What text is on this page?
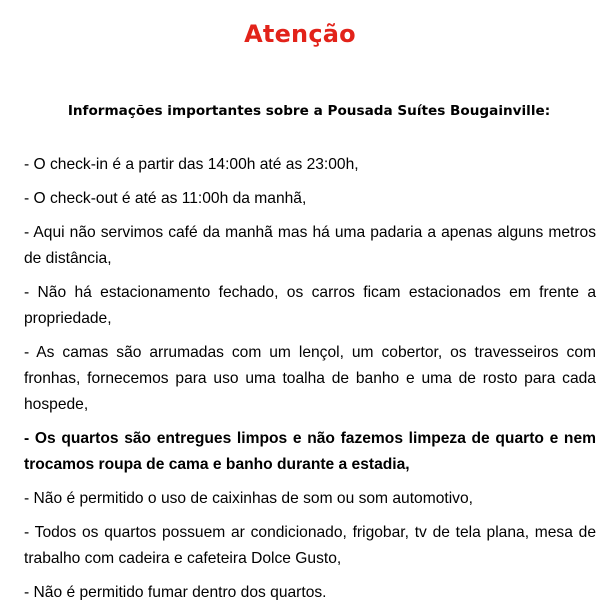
Atenção
Informações importantes sobre a Pousada Suítes Bougainville:

- O check-in é a partir das 14:00h até as 23:00h,

- O check-out é até as 11:00h da manhã,

- Aqui não servimos café da manhã mas há uma padaria a apenas alguns metros de distância,

- Não há estacionamento fechado, os carros ficam estacionados em frente a propriedade,

- As camas são arrumadas com um lençol, um cobertor, os travesseiros com fronhas, fornecemos para uso uma toalha de banho e uma de rosto para cada hospede,

- Os quartos são entregues limpos e não fazemos limpeza de quarto e nem trocamos roupa de cama e banho durante a estadia,

- Não é permitido o uso de caixinhas de som ou som automotivo,

- Todos os quartos possuem ar condicionado, frigobar, tv de tela plana, mesa de trabalho com cadeira e cafeteira Dolce Gusto,

- Não é permitido fumar dentro dos quartos.
